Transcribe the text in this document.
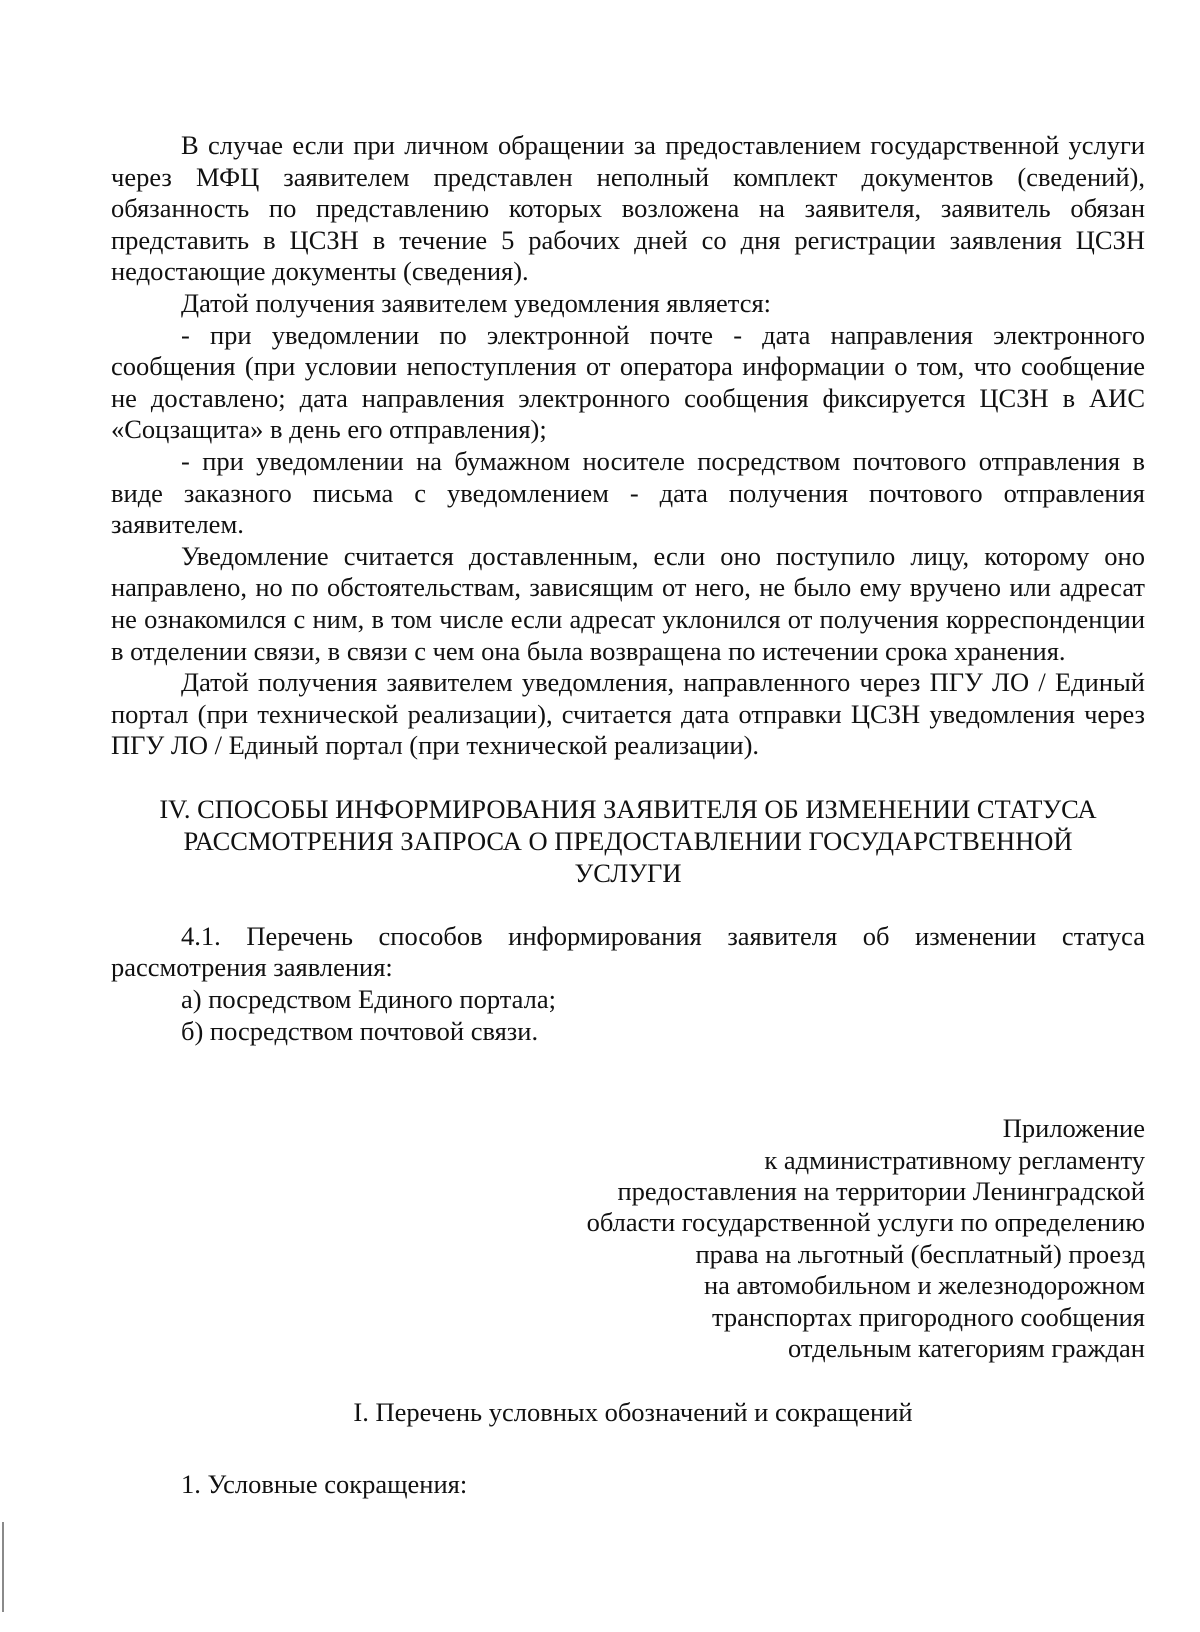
В случае если при личном обращении за предоставлением государственной услуги через МФЦ заявителем представлен неполный комплект документов (сведений), обязанность по представлению которых возложена на заявителя, заявитель обязан представить в ЦСЗН в течение 5 рабочих дней со дня регистрации заявления ЦСЗН недостающие документы (сведения).

Датой получения заявителем уведомления является:

- при уведомлении по электронной почте - дата направления электронного сообщения (при условии непоступления от оператора информации о том, что сообщение не доставлено; дата направления электронного сообщения фиксируется ЦСЗН в АИС «Соцзащита» в день его отправления);

- при уведомлении на бумажном носителе посредством почтового отправления в виде заказного письма с уведомлением - дата получения почтового отправления заявителем.

Уведомление считается доставленным, если оно поступило лицу, которому оно направлено, но по обстоятельствам, зависящим от него, не было ему вручено или адресат не ознакомился с ним, в том числе если адресат уклонился от получения корреспонденции в отделении связи, в связи с чем она была возвращена по истечении срока хранения.

Датой получения заявителем уведомления, направленного через ПГУ ЛО / Единый портал (при технической реализации), считается дата отправки ЦСЗН уведомления через ПГУ ЛО / Единый портал (при технической реализации).

IV. СПОСОБЫ ИНФОРМИРОВАНИЯ ЗАЯВИТЕЛЯ ОБ ИЗМЕНЕНИИ СТАТУСА
РАССМОТРЕНИЯ ЗАПРОСА О ПРЕДОСТАВЛЕНИИ ГОСУДАРСТВЕННОЙ
УСЛУГИ

4.1. Перечень способов информирования заявителя об изменении статуса рассмотрения заявления:

а) посредством Единого портала;

б) посредством почтовой связи.

Приложение
к административному регламенту
предоставления на территории Ленинградской
области государственной услуги по определению
права на льготный (бесплатный) проезд
на автомобильном и железнодорожном
транспортах пригородного сообщения
отдельным категориям граждан
I. Перечень условных обозначений и сокращений
1. Условные сокращения:
